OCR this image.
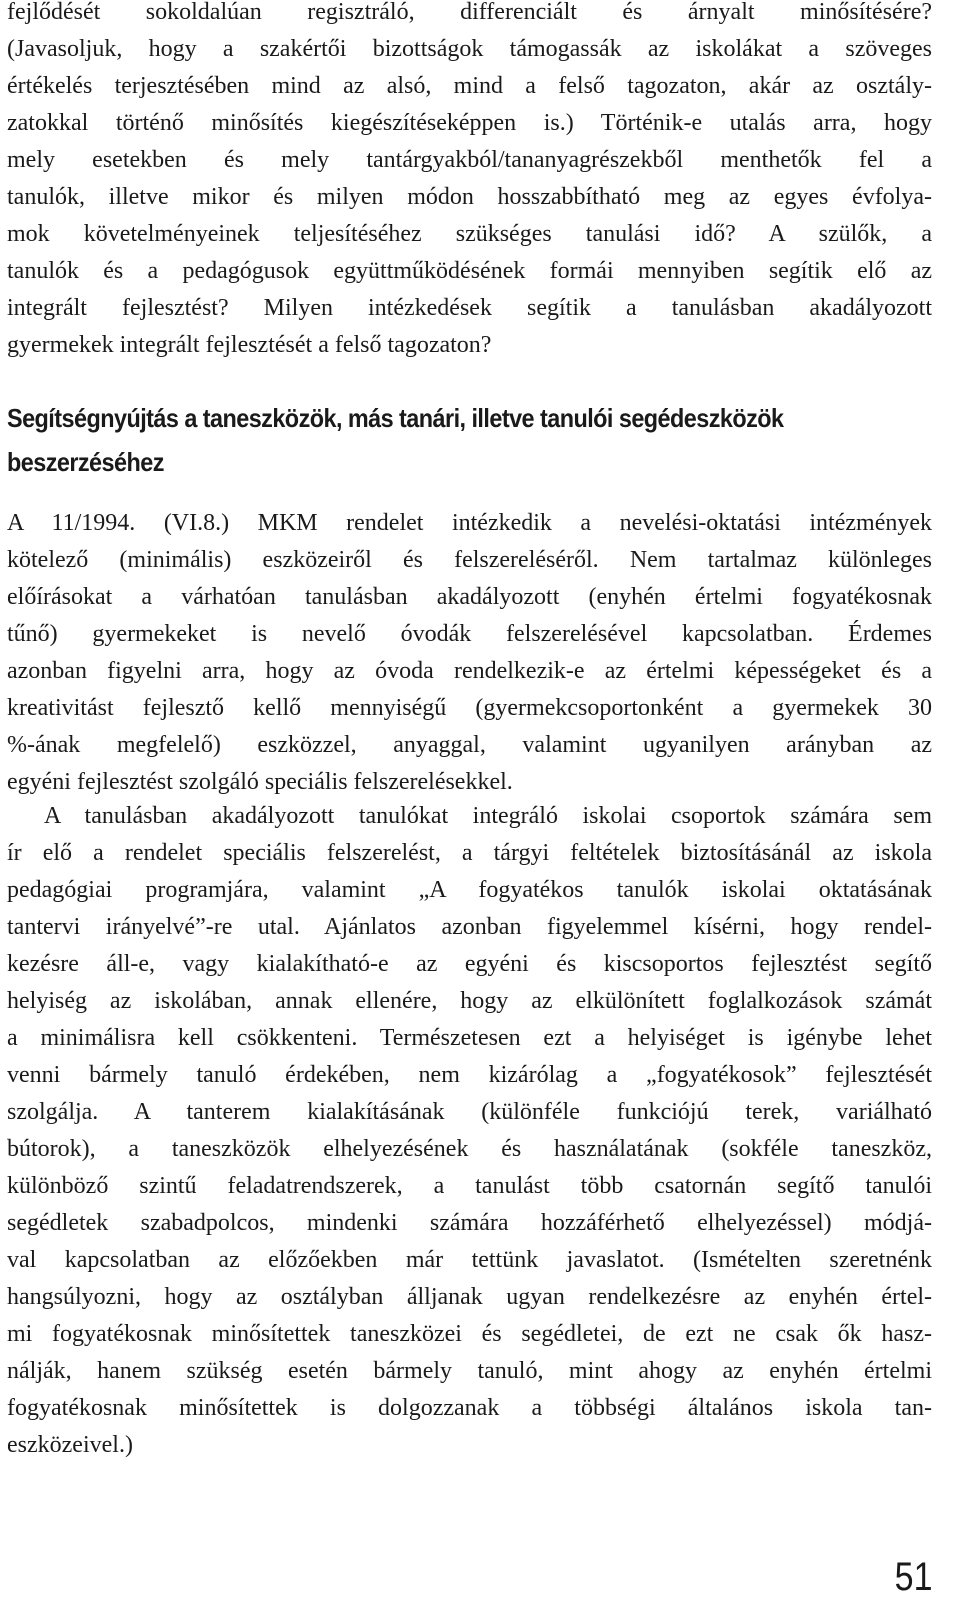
fejlődését sokoldalúan regisztráló, differenciált és árnyalt minősítésére?

(Javasoljuk, hogy a szakértői bizottságok támogassák az iskolákat a szöveges

értékelés terjesztésében mind az alsó, mind a felső tagozaton, akár az osztály-

zatokkal történő minősítés kiegészítéseképpen is.) Történik-e utalás arra, hogy

mely esetekben és mely tantárgyakból/tananyagrészekből menthetők fel a

tanulók, illetve mikor és milyen módon hosszabbítható meg az egyes évfolya-

mok követelményeinek teljesítéséhez szükséges tanulási idő? A szülők, a

tanulók és a pedagógusok együttműködésének formái mennyiben segítik elő az

integrált fejlesztést? Milyen intézkedések segítik a tanulásban akadályozott

gyermekek integrált fejlesztését a felső tagozaton?

Segítségnyújtás a taneszközök, más tanári, illetve tanulói segédeszközök
beszerzéséhez

A 11/1994. (VI.8.) MKM rendelet intézkedik a nevelési-oktatási intézmények

kötelező (minimális) eszközeiről és felszereléséről. Nem tartalmaz különleges

előírásokat a várhatóan tanulásban akadályozott (enyhén értelmi fogyatékosnak

tűnő) gyermekeket is nevelő óvodák felszerelésével kapcsolatban. Érdemes

azonban figyelni arra, hogy az óvoda rendelkezik-e az értelmi képességeket és a

kreativitást fejlesztő kellő mennyiségű (gyermekcsoportonként a gyermekek 30

%-ának megfelelő) eszközzel, anyaggal, valamint ugyanilyen arányban az

egyéni fejlesztést szolgáló speciális felszerelésekkel.

A tanulásban akadályozott tanulókat integráló iskolai csoportok számára sem

ír elő a rendelet speciális felszerelést, a tárgyi feltételek biztosításánál az iskola

pedagógiai programjára, valamint „A fogyatékos tanulók iskolai oktatásának

tantervi irányelvé”-re utal. Ajánlatos azonban figyelemmel kísérni, hogy rendel-

kezésre áll-e, vagy kialakítható-e az egyéni és kiscsoportos fejlesztést segítő

helyiség az iskolában, annak ellenére, hogy az elkülönített foglalkozások számát

a minimálisra kell csökkenteni. Természetesen ezt a helyiséget is igénybe lehet

venni bármely tanuló érdekében, nem kizárólag a „fogyatékosok” fejlesztését

szolgálja. A tanterem kialakításának (különféle funkciójú terek, variálható

bútorok), a taneszközök elhelyezésének és használatának (sokféle taneszköz,

különböző szintű feladatrendszerek, a tanulást több csatornán segítő tanulói

segédletek szabadpolcos, mindenki számára hozzáférhető elhelyezéssel) módjá-

val kapcsolatban az előzőekben már tettünk javaslatot. (Ismételten szeretnénk

hangsúlyozni, hogy az osztályban álljanak ugyan rendelkezésre az enyhén értel-

mi fogyatékosnak minősítettek taneszközei és segédletei, de ezt ne csak ők hasz-

nálják, hanem szükség esetén bármely tanuló, mint ahogy az enyhén értelmi

fogyatékosnak minősítettek is dolgozzanak a többségi általános iskola tan-

eszközeivel.)

51
